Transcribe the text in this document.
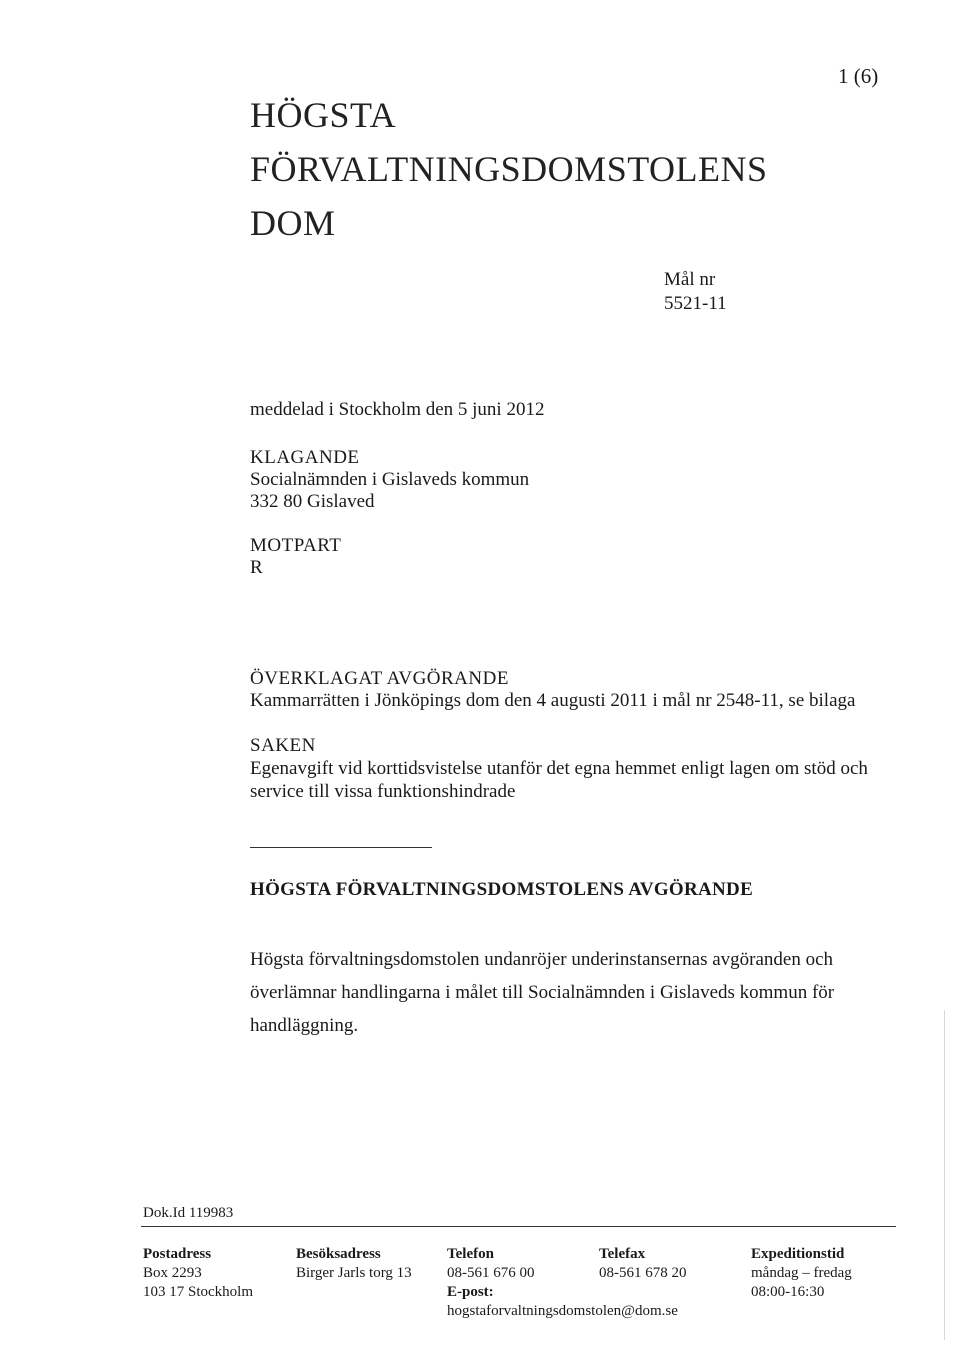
1 (6)
HÖGSTA
FÖRVALTNINGSDOMSTOLENS
DOM
Mål nr
5521-11
meddelad i Stockholm den 5 juni 2012
KLAGANDE
Socialnämnden i Gislaveds kommun
332 80 Gislaved
MOTPART
R
ÖVERKLAGAT AVGÖRANDE
Kammarrätten i Jönköpings dom den 4 augusti 2011 i mål nr 2548-11, se bilaga
SAKEN
Egenavgift vid korttidsvistelse utanför det egna hemmet enligt lagen om stöd och
service till vissa funktionshindrade
HÖGSTA FÖRVALTNINGSDOMSTOLENS AVGÖRANDE
Högsta förvaltningsdomstolen undanröjer underinstansernas avgöranden och
överlämnar handlingarna i målet till Socialnämnden i Gislaveds kommun för
handläggning.
Dok.Id 119983
Postadress
Box 2293
103 17 Stockholm
Besöksadress
Birger Jarls torg 13
Telefon
08-561 676 00
E-post:
hogstaforvaltningsdomstolen@dom.se
Telefax
08-561 678 20
Expeditionstid
måndag – fredag
08:00-16:30
